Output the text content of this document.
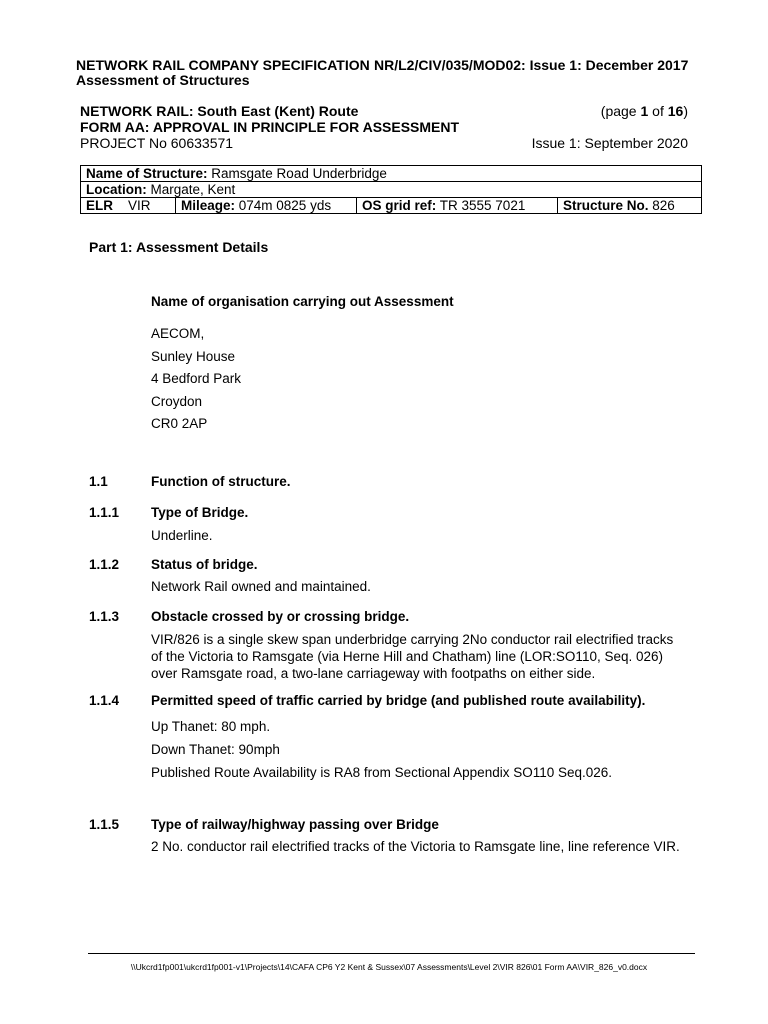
NETWORK RAIL COMPANY SPECIFICATION NR/L2/CIV/035/MOD02: Issue 1: December 2017
Assessment of Structures
NETWORK RAIL: South East (Kent) Route	(page 1 of 16)
FORM AA: APPROVAL IN PRINCIPLE FOR ASSESSMENT
PROJECT No 60633571	Issue 1: September 2020
Name of Structure: Ramsgate Road Underbridge
Location: Margate, Kent
ELR VIR	Mileage: 074m 0825 yds	OS grid ref: TR 3555 7021	Structure No. 826
Part 1: Assessment Details
Name of organisation carrying out Assessment
AECOM,
Sunley House
4 Bedford Park
Croydon
CR0 2AP
1.1	Function of structure.
1.1.1 Type of Bridge.
Underline.
1.1.2 Status of bridge.
Network Rail owned and maintained.
1.1.3 Obstacle crossed by or crossing bridge.
VIR/826 is a single skew span underbridge carrying 2No conductor rail electrified tracks
of the Victoria to Ramsgate (via Herne Hill and Chatham) line (LOR:SO110, Seq. 026)
over Ramsgate road, a two-lane carriageway with footpaths on either side.
1.1.4 Permitted speed of traffic carried by bridge (and published route availability).
Up Thanet: 80 mph.
Down Thanet: 90mph
Published Route Availability is RA8 from Sectional Appendix SO110 Seq.026.
1.1.5 Type of railway/highway passing over Bridge
2 No. conductor rail electrified tracks of the Victoria to Ramsgate line, line reference VIR.
\\Ukcrd1fp001\ukcrd1fp001-v1\Projects\14\CAFA CP6 Y2 Kent & Sussex\07 Assessments\Level 2\VIR 826\01 Form AA\VIR_826_v0.docx
